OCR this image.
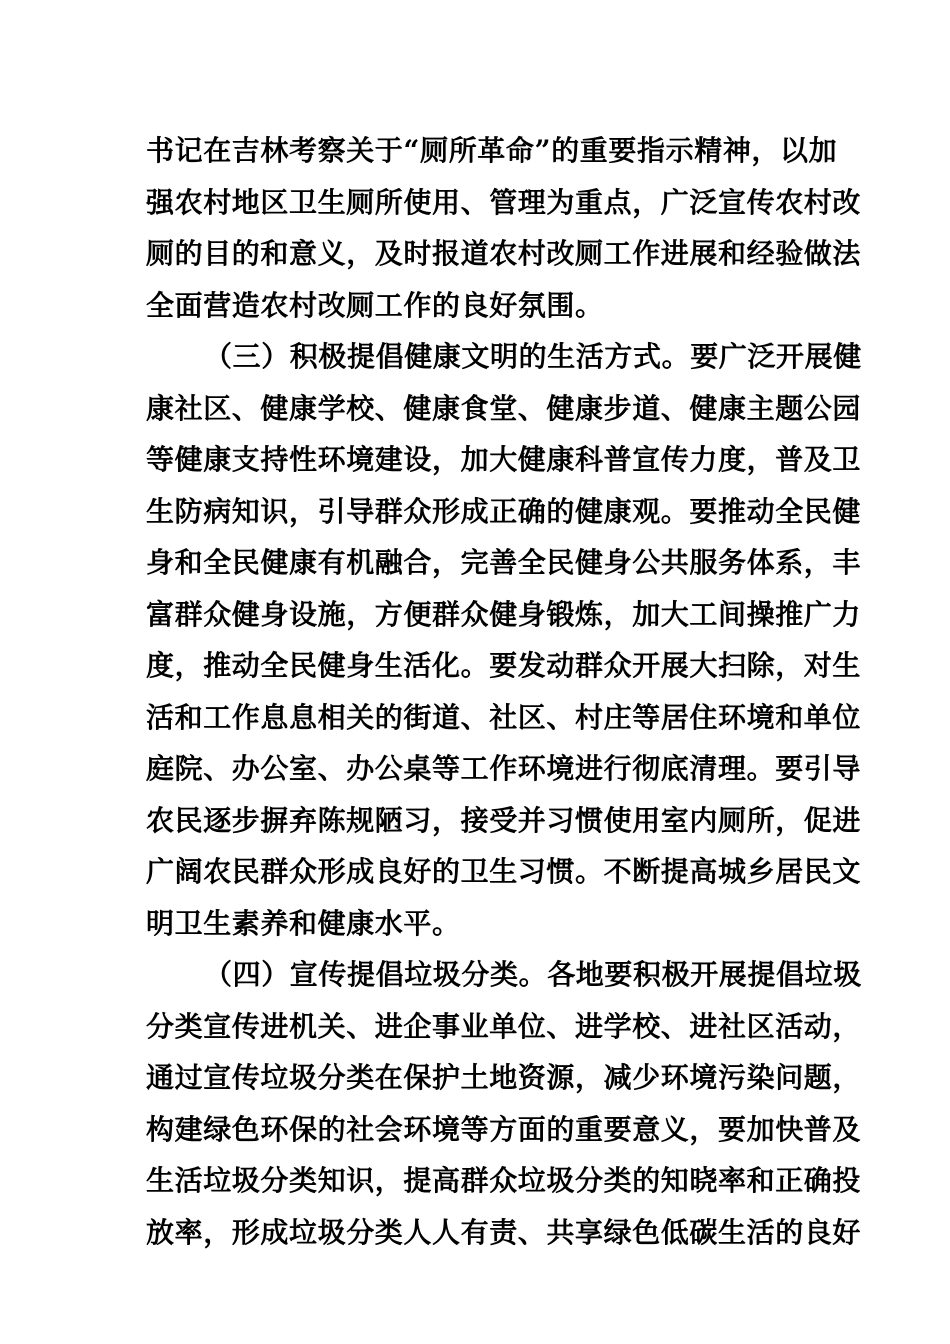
书记在吉林考察关于“厕所革命”的重要指示精神，以加
强农村地区卫生厕所使用、管理为重点，广泛宣传农村改
厕的目的和意义，及时报道农村改厕工作进展和经验做法
全面营造农村改厕工作的良好氛围。
（三）积极提倡健康文明的生活方式。要广泛开展健
康社区、健康学校、健康食堂、健康步道、健康主题公园
等健康支持性环境建设，加大健康科普宣传力度，普及卫
生防病知识，引导群众形成正确的健康观。要推动全民健
身和全民健康有机融合，完善全民健身公共服务体系，丰
富群众健身设施，方便群众健身锻炼，加大工间操推广力
度，推动全民健身生活化。要发动群众开展大扫除，对生
活和工作息息相关的街道、社区、村庄等居住环境和单位
庭院、办公室、办公桌等工作环境进行彻底清理。要引导
农民逐步摒弃陈规陋习，接受并习惯使用室内厕所，促进
广阔农民群众形成良好的卫生习惯。不断提高城乡居民文
明卫生素养和健康水平。
（四）宣传提倡垃圾分类。各地要积极开展提倡垃圾
分类宣传进机关、进企事业单位、进学校、进社区活动，
通过宣传垃圾分类在保护土地资源，减少环境污染问题，
构建绿色环保的社会环境等方面的重要意义，要加快普及
生活垃圾分类知识，提高群众垃圾分类的知晓率和正确投
放率，形成垃圾分类人人有责、共享绿色低碳生活的良好
